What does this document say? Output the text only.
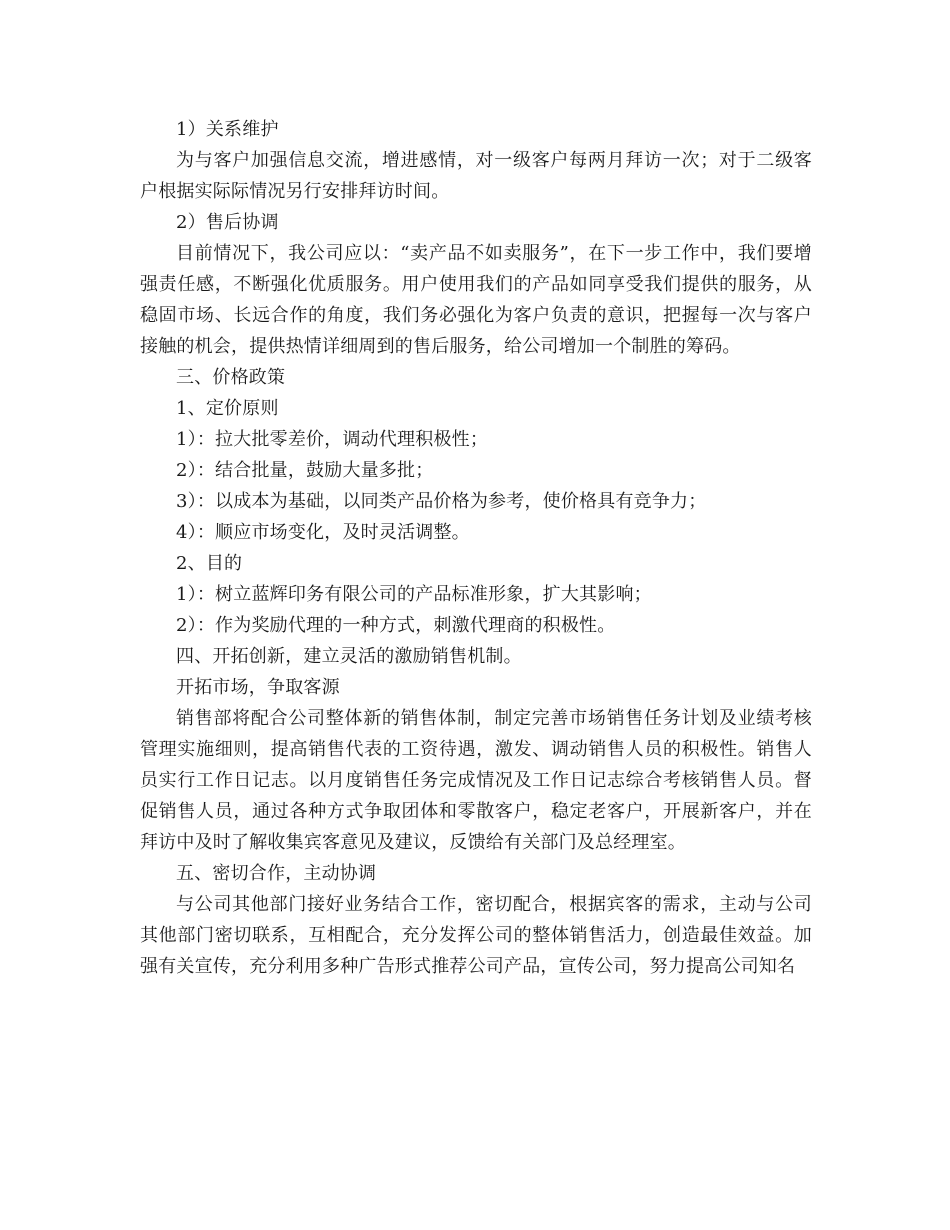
1）关系维护

为与客户加强信息交流，增进感情，对一级客户每两月拜访一次；对于二级客户根据实际际情况另行安排拜访时间。

2）售后协调

目前情况下，我公司应以：“卖产品不如卖服务”，在下一步工作中，我们要增强责任感，不断强化优质服务。用户使用我们的产品如同享受我们提供的服务，从稳固市场、长远合作的角度，我们务必强化为客户负责的意识，把握每一次与客户接触的机会，提供热情详细周到的售后服务，给公司增加一个制胜的筹码。

三、价格政策

1、定价原则

1）：拉大批零差价，调动代理积极性；

2）：结合批量，鼓励大量多批；

3）：以成本为基础，以同类产品价格为参考，使价格具有竞争力；

4）：顺应市场变化，及时灵活调整。

2、目的

1）：树立蓝辉印务有限公司的产品标准形象，扩大其影响；

2）：作为奖励代理的一种方式，刺激代理商的积极性。

四、开拓创新，建立灵活的激励销售机制。

开拓市场，争取客源

销售部将配合公司整体新的销售体制，制定完善市场销售任务计划及业绩考核管理实施细则，提高销售代表的工资待遇，激发、调动销售人员的积极性。销售人员实行工作日记志。以月度销售任务完成情况及工作日记志综合考核销售人员。督促销售人员，通过各种方式争取团体和零散客户，稳定老客户，开展新客户，并在拜访中及时了解收集宾客意见及建议，反馈给有关部门及总经理室。

五、密切合作，主动协调

与公司其他部门接好业务结合工作，密切配合，根据宾客的需求，主动与公司其他部门密切联系，互相配合，充分发挥公司的整体销售活力，创造最佳效益。加强有关宣传，充分利用多种广告形式推荐公司产品，宣传公司，努力提高公司知名
